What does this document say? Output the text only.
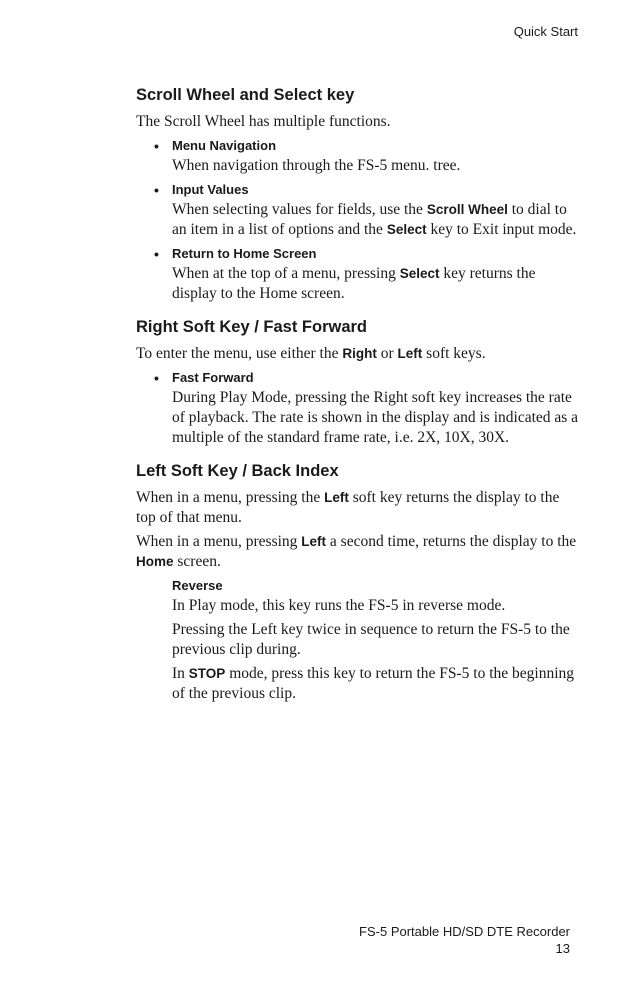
Quick Start
Scroll Wheel and Select key

The Scroll Wheel has multiple functions.

• Menu Navigation

When navigation through the FS-5 menu. tree.

• Input Values

When selecting values for fields, use the Scroll Wheel to dial to an item in a list of options and the Select key to Exit input mode.

• Return to Home Screen

When at the top of a menu, pressing Select key returns the display to the Home screen.

Right Soft Key / Fast Forward

To enter the menu, use either the Right or Left soft keys.

• Fast Forward

During Play Mode, pressing the Right soft key increases the rate of playback. The rate is shown in the display and is indicated as a multiple of the standard frame rate, i.e. 2X, 10X, 30X.

Left Soft Key / Back Index

When in a menu, pressing the Left soft key returns the display to the top of that menu.

When in a menu, pressing Left a second time, returns the display to the Home screen.

Reverse

In Play mode, this key runs the FS-5 in reverse mode.

Pressing the Left key twice in sequence to return the FS-5 to the previous clip during.

In STOP mode, press this key to return the FS-5 to the beginning of the previous clip.

FS-5 Portable HD/SD DTE Recorder
13
